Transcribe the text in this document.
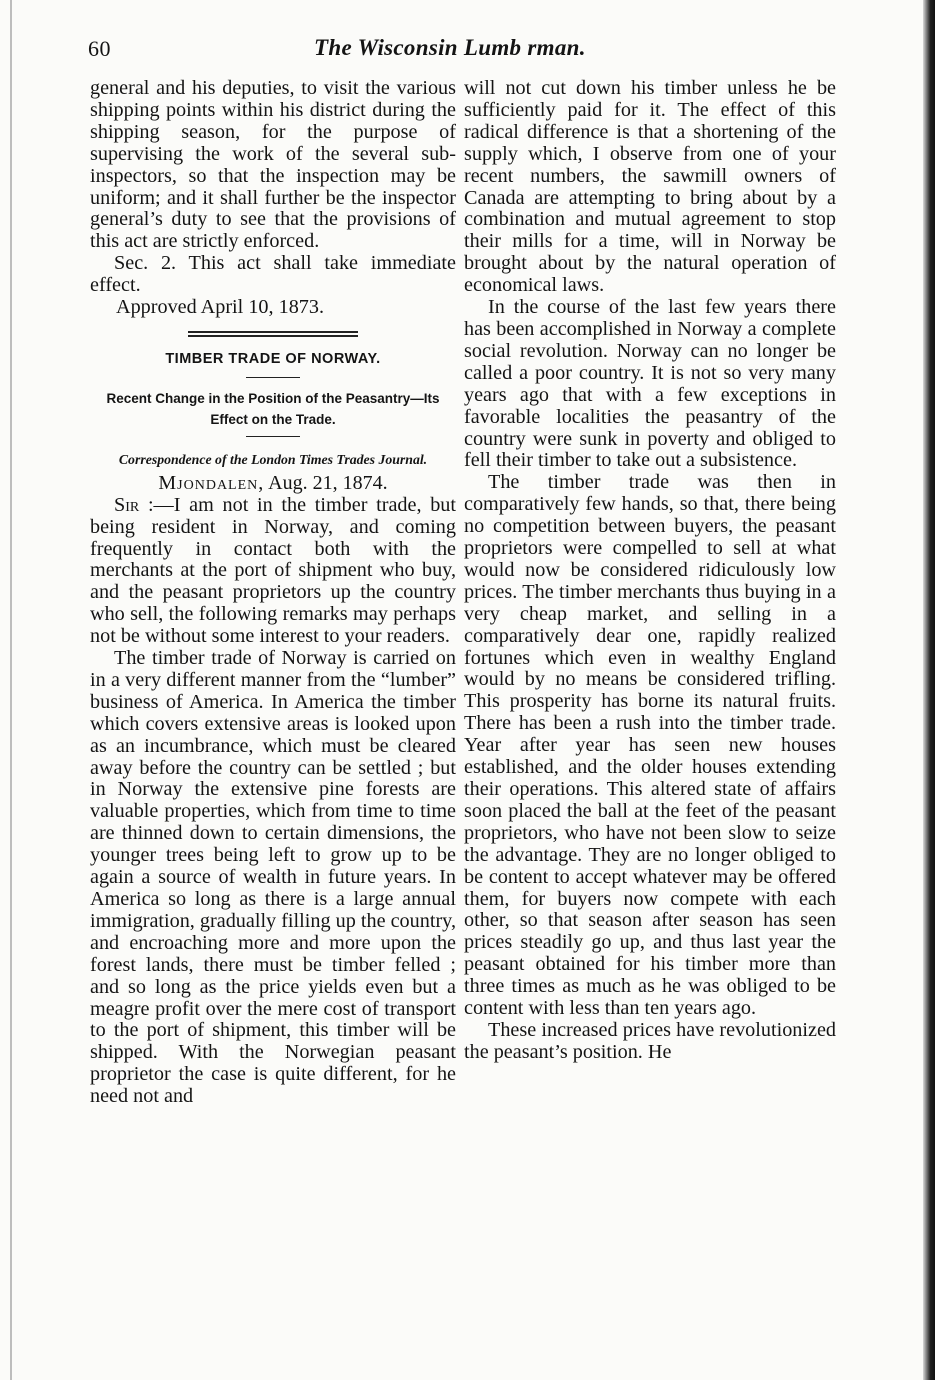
60	The Wisconsin Lumb rman.

general and his deputies, to visit the various shipping points within his district during the shipping season, for the purpose of supervising the work of the several sub-inspectors, so that the inspection may be uniform; and it shall further be the inspector general’s duty to see that the provisions of this act are strictly enforced.

Sec. 2. This act shall take immediate effect.

Approved April 10, 1873.

TIMBER TRADE OF NORWAY.
Recent Change in the Position of the Peasantry—Its Effect on the Trade.
Correspondence of the London Times Trades Journal.
Mjondalen, Aug. 21, 1874.

Sir :—I am not in the timber trade, but being resident in Norway, and coming frequently in contact both with the merchants at the port of shipment who buy, and the peasant proprietors up the country who sell, the following remarks may perhaps not be without some interest to your readers.

The timber trade of Norway is carried on in a very different manner from the “lumber” business of America. In America the timber which covers extensive areas is looked upon as an incumbrance, which must be cleared away before the country can be settled ; but in Norway the extensive pine forests are valuable properties, which from time to time are thinned down to certain dimensions, the younger trees being left to grow up to be again a source of wealth in future years. In America so long as there is a large annual immigration, gradually filling up the country, and encroaching more and more upon the forest lands, there must be timber felled ; and so long as the price yields even but a meagre profit over the mere cost of transport to the port of shipment, this timber will be shipped. With the Norwegian peasant proprietor the case is quite different, for he need not and

will not cut down his timber unless he be sufficiently paid for it. The effect of this radical difference is that a shortening of the supply which, I observe from one of your recent numbers, the sawmill owners of Canada are attempting to bring about by a combination and mutual agreement to stop their mills for a time, will in Norway be brought about by the natural operation of economical laws.

In the course of the last few years there has been accomplished in Norway a complete social revolution. Norway can no longer be called a poor country. It is not so very many years ago that with a few exceptions in favorable localities the peasantry of the country were sunk in poverty and obliged to fell their timber to take out a subsistence.

The timber trade was then in comparatively few hands, so that, there being no competition between buyers, the peasant proprietors were compelled to sell at what would now be considered ridiculously low prices. The timber merchants thus buying in a very cheap market, and selling in a comparatively dear one, rapidly realized fortunes which even in wealthy England would by no means be considered trifling. This prosperity has borne its natural fruits. There has been a rush into the timber trade. Year after year has seen new houses established, and the older houses extending their operations. This altered state of affairs soon placed the ball at the feet of the peasant proprietors, who have not been slow to seize the advantage. They are no longer obliged to be content to accept whatever may be offered them, for buyers now compete with each other, so that season after season has seen prices steadily go up, and thus last year the peasant obtained for his timber more than three times as much as he was obliged to be content with less than ten years ago.

These increased prices have revolutionized the peasant’s position. He
